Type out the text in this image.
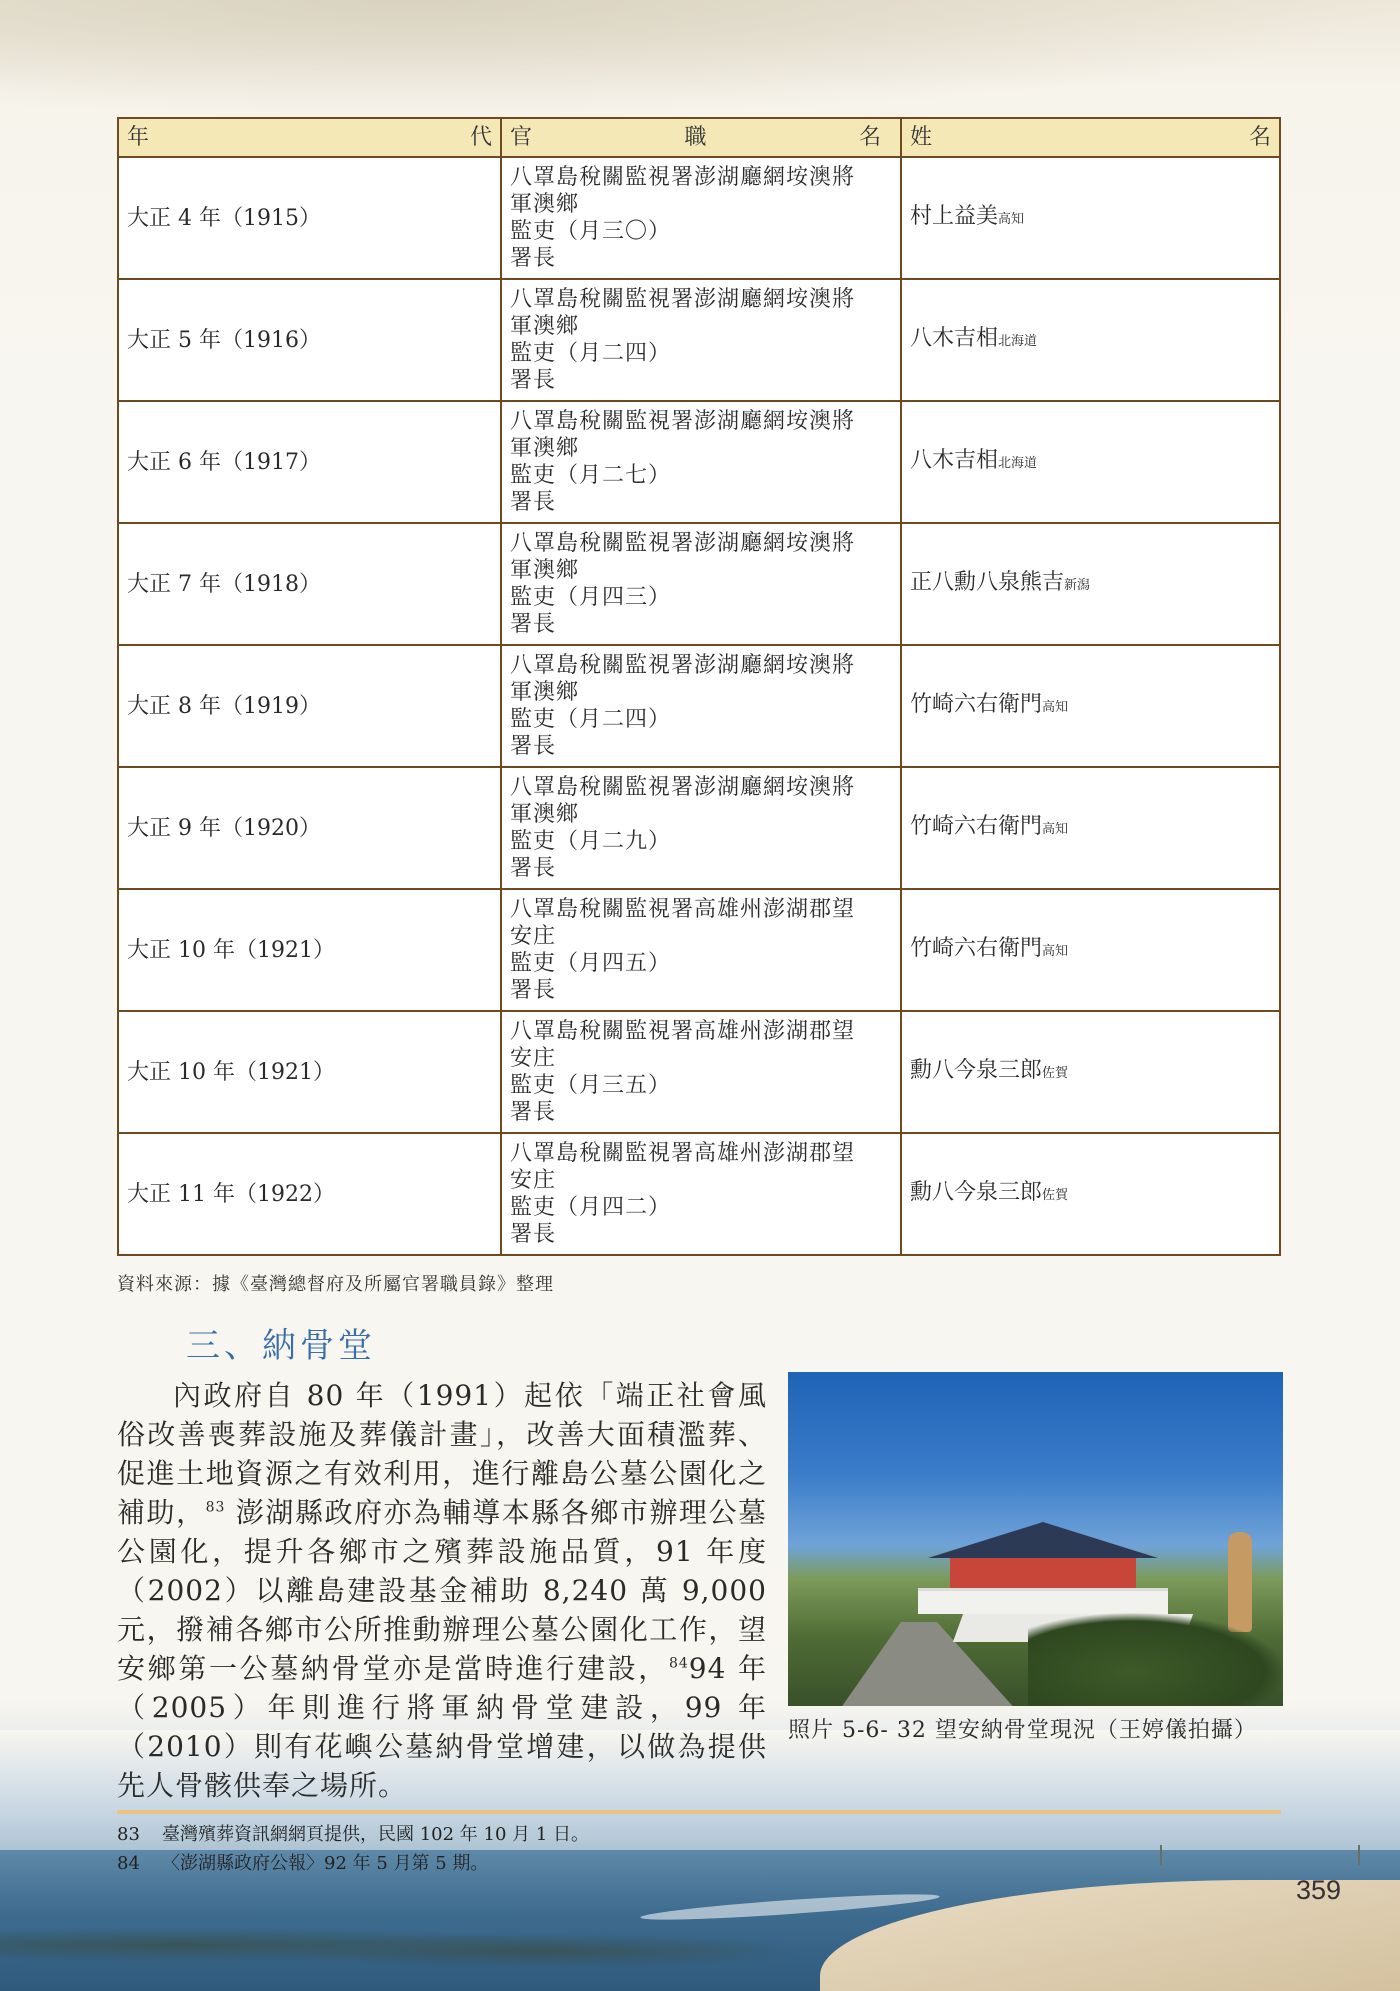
年 代	官 職 名	姓 名

大正 4 年（1915）	八罩島稅關監視署澎湖廳網垵澳將
軍澳鄉
監吏（月三〇）
署長	村上益美高知
大正 5 年（1916）	八罩島稅關監視署澎湖廳網垵澳將
軍澳鄉
監吏（月二四）
署長	八木吉相北海道
大正 6 年（1917）	八罩島稅關監視署澎湖廳網垵澳將
軍澳鄉
監吏（月二七）
署長	八木吉相北海道
大正 7 年（1918）	八罩島稅關監視署澎湖廳網垵澳將
軍澳鄉
監吏（月四三）
署長	正八勳八泉熊吉新潟
大正 8 年（1919）	八罩島稅關監視署澎湖廳網垵澳將
軍澳鄉
監吏（月二四）
署長	竹崎六右衛門高知
大正 9 年（1920）	八罩島稅關監視署澎湖廳網垵澳將
軍澳鄉
監吏（月二九）
署長	竹崎六右衛門高知
大正 10 年（1921）	八罩島稅關監視署高雄州澎湖郡望
安庄
監吏（月四五）
署長	竹崎六右衛門高知
大正 10 年（1921）	八罩島稅關監視署高雄州澎湖郡望
安庄
監吏（月三五）
署長	勳八今泉三郎佐賀
大正 11 年（1922）	八罩島稅關監視署高雄州澎湖郡望
安庄
監吏（月四二）
署長	勳八今泉三郎佐賀
資料來源：據《臺灣總督府及所屬官署職員錄》整理
三、納骨堂

內政府自 80 年（1991）起依「端正社會風俗改善喪葬設施及葬儀計畫」，改善大面積濫葬、促進土地資源之有效利用，進行離島公墓公園化之補助，$^{83}$ 澎湖縣政府亦為輔導本縣各鄉市辦理公墓公園化，提升各鄉市之殯葬設施品質，91 年度（2002）以離島建設基金補助 8,240 萬 9,000 元，撥補各鄉市公所推動辦理公墓公園化工作，望安鄉第一公墓納骨堂亦是當時進行建設，$^{84}$94 年（2005）年則進行將軍納骨堂建設，99 年（2010）則有花嶼公墓納骨堂增建，以做為提供先人骨骸供奉之場所。

照片 5-6- 32 望安納骨堂現況（王婷儀拍攝）
83	臺灣殯葬資訊網網頁提供，民國 102 年 10 月 1 日。
84	〈澎湖縣政府公報〉92 年 5 月第 5 期。
359
